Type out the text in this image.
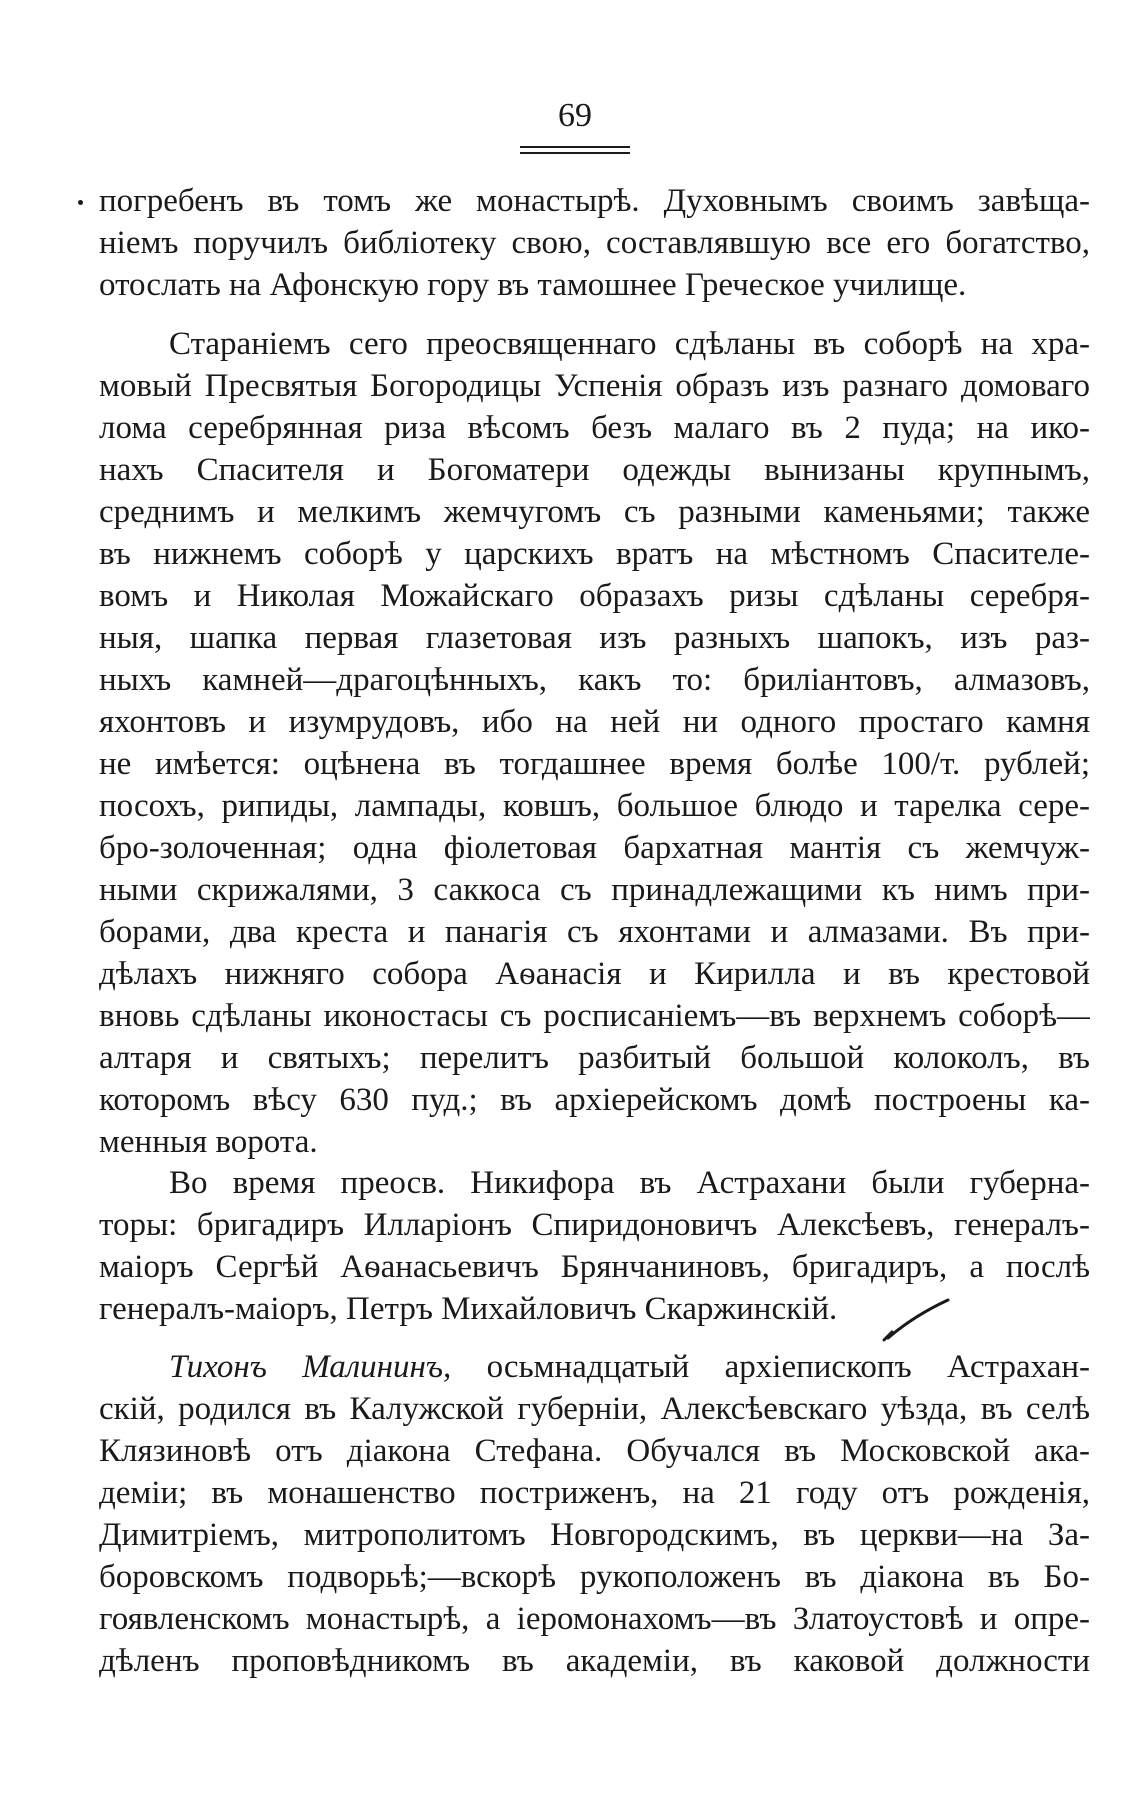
69
погребенъ въ томъ же монастырѣ. Духовнымъ своимъ завѣща-
ніемъ поручилъ библіотеку свою, составлявшую все его богатство,
отослать на Афонскую гору въ тамошнее Греческое училище.
Стараніемъ сего преосвященнаго сдѣланы въ соборѣ на хра-
мовый Пресвятыя Богородицы Успенія образъ изъ разнаго домоваго
лома серебрянная риза вѣсомъ безъ малаго въ 2 пуда; на ико-
нахъ Спасителя и Богоматери одежды вынизаны крупнымъ,
среднимъ и мелкимъ жемчугомъ съ разными каменьями; также
въ нижнемъ соборѣ у царскихъ вратъ на мѣстномъ Спасителе-
вомъ и Николая Можайскаго образахъ ризы сдѣланы серебря-
ныя, шапка первая глазетовая изъ разныхъ шапокъ, изъ раз-
ныхъ камней—драгоцѣнныхъ, какъ то: бриліантовъ, алмазовъ,
яхонтовъ и изумрудовъ, ибо на ней ни одного простаго камня
не имѣется: оцѣнена въ тогдашнее время болѣе 100/т. рублей;
посохъ, рипиды, лампады, ковшъ, большое блюдо и тарелка сере-
бро-золоченная; одна фіолетовая бархатная мантія съ жемчуж-
ными скрижалями, 3 саккоса съ принадлежащими къ нимъ при-
борами, два креста и панагія съ яхонтами и алмазами. Въ при-
дѣлахъ нижняго собора Аѳанасія и Кирилла и въ крестовой
вновь сдѣланы иконостасы съ росписаніемъ—въ верхнемъ соборѣ—
алтаря и святыхъ; перелитъ разбитый большой колоколъ, въ
которомъ вѣсу 630 пуд.; въ архіерейскомъ домѣ построены ка-
менныя ворота.
Во время преосв. Никифора въ Астрахани были губерна-
торы: бригадиръ Илларіонъ Спиридоновичъ Алексѣевъ, генералъ-
маіоръ Сергѣй Аѳанасьевичъ Брянчаниновъ, бригадиръ, а послѣ
генералъ-маіоръ, Петръ Михайловичъ Скаржинскій.
Тихонъ Малининъ, осьмнадцатый архіепископъ Астрахан-
скій, родился въ Калужской губерніи, Алексѣевскаго уѣзда, въ селѣ
Клязиновѣ отъ діакона Стефана. Обучался въ Московской ака-
деміи; въ монашенство постриженъ, на 21 году отъ рожденія,
Димитріемъ, митрополитомъ Новгородскимъ, въ церкви—на За-
боровскомъ подворьѣ;—вскорѣ рукоположенъ въ діакона въ Бо-
гоявленскомъ монастырѣ, а іеромонахомъ—въ Златоустовѣ и опре-
дѣленъ проповѣдникомъ въ академіи, въ каковой должности
